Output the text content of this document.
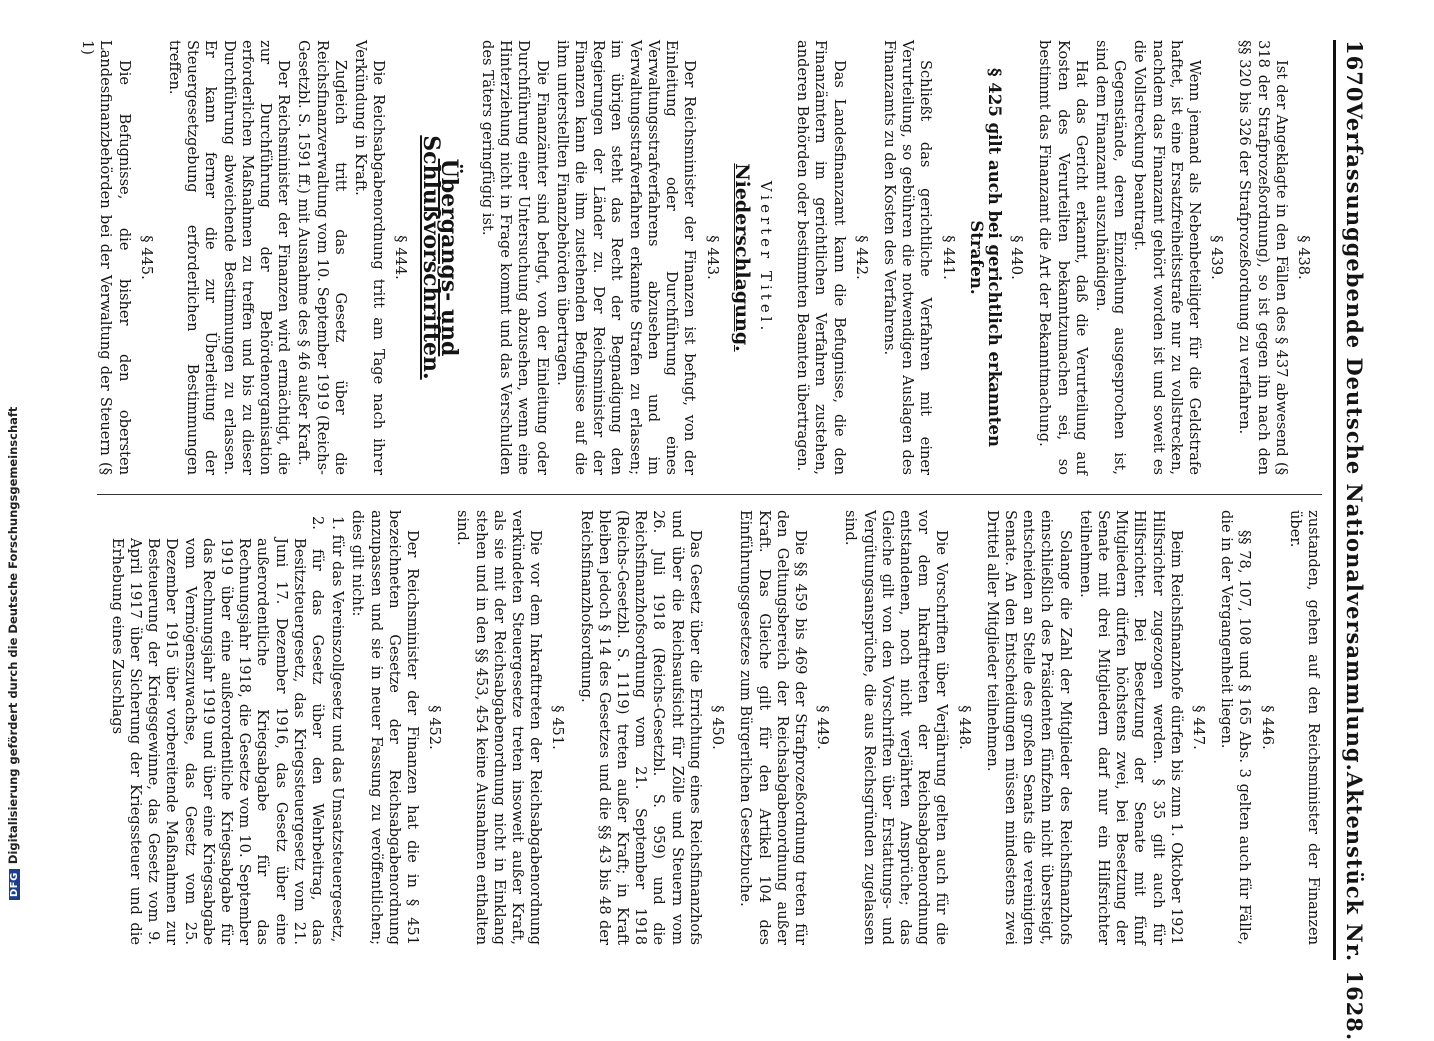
DFGDigitalisierung gefördert durch die Deutsche Forschungsgemeinschaft
1670
Verfassunggebende Deutsche Nationalversammlung.
Aktenstück Nr. 1628.
§ 438.

Ist der Angeklagte in den Fällen des § 437 abwesend (§ 318 der Strafprozeßordnung), so ist gegen ihn nach den §§ 320 bis 326 der Strafprozeßordnung zu verfahren.

§ 439.

Wenn jemand als Nebenbeteiligter für die Geldstrafe haftet, ist eine Ersatzfreiheitsstrafe nur zu vollstrecken, nachdem das Finanzamt gehört worden ist und soweit es die Vollstreckung beantragt.

Gegenstände, deren Einziehung ausgesprochen ist, sind dem Finanzamt auszuhändigen.

Hat das Gericht erkannt, daß die Verurteilung auf Kosten des Verurteilten bekanntzumachen sei, so bestimmt das Finanzamt die Art der Bekanntmachung.

§ 440.
§ 425 gilt auch bei gerichtlich erkannten Strafen.
§ 441.

Schließt das gerichtliche Verfahren mit einer Verurteilung, so gebühren die notwendigen Auslagen des Finanzamts zu den Kosten des Verfahrens.

§ 442.

Das Landesfinanzamt kann die Befugnisse, die den Finanzämtern im gerichtlichen Verfahren zustehen, anderen Behörden oder bestimmten Beamten übertragen.

Vierter Titel.
Niederschlagung.
§ 443.

Der Reichsminister der Finanzen ist befugt, von der Einleitung oder Durchführung eines Verwaltungsstrafverfahrens abzusehen und im Verwaltungsstrafverfahren erkannte Strafen zu erlassen; im übrigen steht das Recht der Begnadigung den Regierungen der Länder zu. Der Reichsminister der Finanzen kann die ihm zustehenden Befugnisse auf die ihm unterstellten Finanzbehörden übertragen.

Die Finanzämter sind befugt, von der Einleitung oder Durchführung einer Untersuchung abzusehen, wenn eine Hinterziehung nicht in Frage kommt und das Verschulden des Täters geringfügig ist.

Übergangs- und Schlußvorschriften.
§ 444.

Die Reichsabgabenordnung tritt am Tage nach ihrer Verkündung in Kraft.

Zugleich tritt das Gesetz über die Reichsfinanzverwaltung vom 10. September 1919 (Reichs-Gesetzbl. S. 1591 ff.) mit Ausnahme des § 46 außer Kraft.

Der Reichsminister der Finanzen wird ermächtigt, die zur Durchführung der Behördenorganisation erforderlichen Maßnahmen zu treffen und bis zu dieser Durchführung abweichende Bestimmungen zu erlassen. Er kann ferner die zur Überleitung der Steuergesetzgebung erforderlichen Bestimmungen treffen.

§ 445.

Die Befugnisse, die bisher den obersten Landesfinanzbehörden bei der Verwaltung der Steuern (§ 1)

zustanden, gehen auf den Reichsminister der Finanzen über.

§ 446.

§§ 78, 107, 108 und § 165 Abs. 3 gelten auch für Fälle, die in der Vergangenheit liegen.

§ 447.

Beim Reichsfinanzhofe dürfen bis zum 1. Oktober 1921 Hilfsrichter zugezogen werden. § 35 gilt auch für Hilfsrichter. Bei Besetzung der Senate mit fünf Mitgliedern dürfen höchstens zwei, bei Besetzung der Senate mit drei Mitgliedern darf nur ein Hilfsrichter teilnehmen.

Solange die Zahl der Mitglieder des Reichsfinanzhofs einschließlich des Präsidenten fünfzehn nicht übersteigt, entscheiden an Stelle des großen Senats die vereinigten Senate. An den Entscheidungen müssen mindestens zwei Drittel aller Mitglieder teilnehmen.

§ 448.

Die Vorschriften über Verjährung gelten auch für die vor dem Inkrafttreten der Reichsabgabenordnung entstandenen, noch nicht verjährten Ansprüche; das Gleiche gilt von den Vorschriften über Erstattungs- und Vergütungsansprüche, die aus Reichsgründen zugelassen sind.

§ 449.

Die §§ 459 bis 469 der Strafprozeßordnung treten für den Geltungsbereich der Reichsabgabenordnung außer Kraft. Das Gleiche gilt für den Artikel 104 des Einführungsgesetzes zum Bürgerlichen Gesetzbuche.

§ 450.

Das Gesetz über die Errichtung eines Reichsfinanzhofs und über die Reichsaufsicht für Zölle und Steuern vom 26. Juli 1918 (Reichs-Gesetzbl. S. 959) und die Reichsfinanzhofsordnung vom 21. September 1918 (Reichs-Gesetzbl. S. 1119) treten außer Kraft; in Kraft bleiben jedoch § 14 des Gesetzes und die §§ 43 bis 48 der Reichsfinanzhofsordnung.

§ 451.

Die vor dem Inkrafttreten der Reichsabgabenordnung verkündeten Steuergesetze treten insoweit außer Kraft, als sie mit der Reichsabgabenordnung nicht in Einklang stehen und in den §§ 453, 454 keine Ausnahmen enthalten sind.

§ 452.

Der Reichsminister der Finanzen hat die in § 451 bezeichneten Gesetze der Reichsabgabenordnung anzupassen und sie in neuer Fassung zu veröffentlichen; dies gilt nicht:

1. für das Vereinszollgesetz und das Umsatzsteuergesetz,
2. für das Gesetz über den Wehrbeitrag, das Besitzsteuergesetz, das Kriegssteuergesetz vom 21. Juni 17. Dezember 1916, das Gesetz über eine außerordentliche Kriegsabgabe für das Rechnungsjahr 1918, die Gesetze vom 10. September 1919 über eine außerordentliche Kriegsabgabe für das Rechnungsjahr 1919 und über eine Kriegsabgabe vom Vermögenszuwachse, das Gesetz vom 25. Dezember 1915 über vorbereitende Maßnahmen zur Besteuerung der Kriegsgewinne, das Gesetz vom 9. April 1917 über Sicherung der Kriegssteuer und die Erhebung eines Zuschlags
